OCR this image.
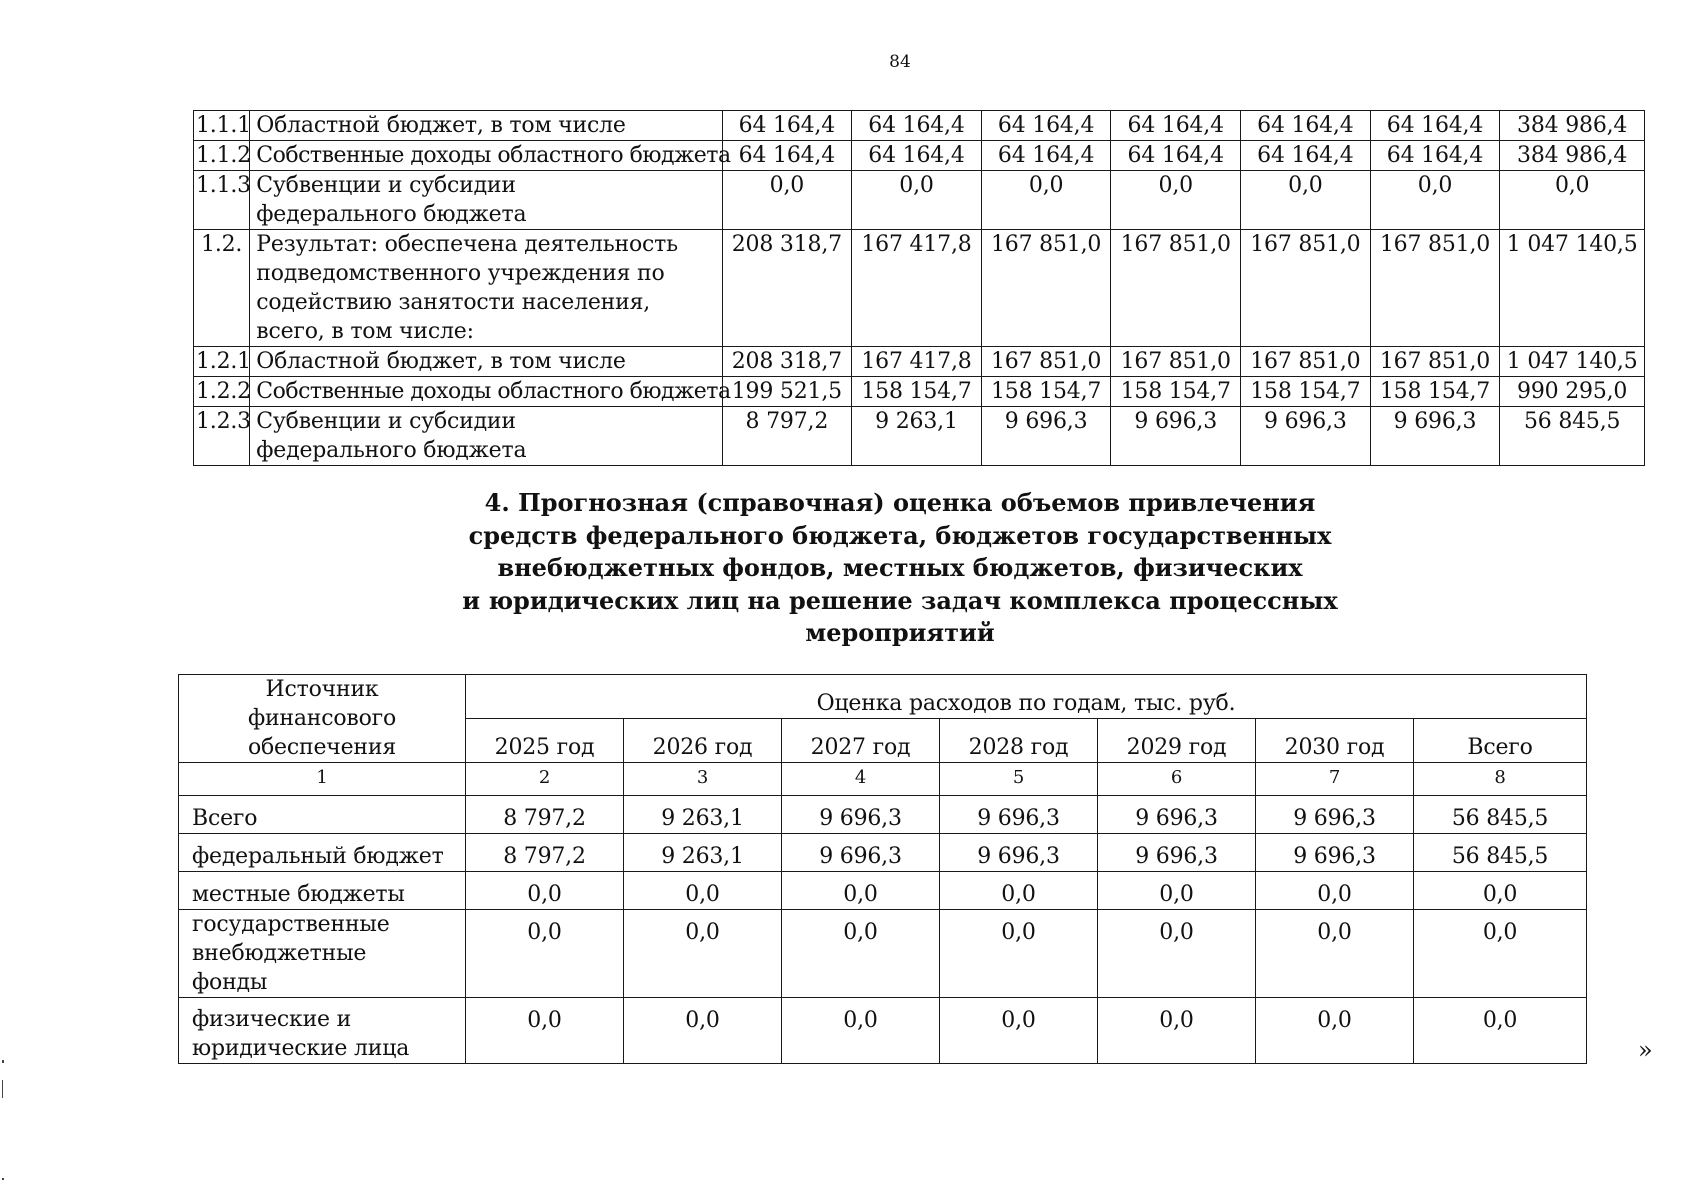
84
1.1.1	Областной бюджет, в том числе	64 164,4	64 164,4	64 164,4	64 164,4	64 164,4	64 164,4	384 986,4
1.1.2	Собственные доходы областного бюджета	64 164,4	64 164,4	64 164,4	64 164,4	64 164,4	64 164,4	384 986,4
1.1.3	Субвенции и субсидии федерального бюджета	0,0	0,0	0,0	0,0	0,0	0,0	0,0
1.2.	Результат: обеспечена деятельность подведомственного учреждения по содействию занятости населения, всего, в том числе:	208 318,7	167 417,8	167 851,0	167 851,0	167 851,0	167 851,0	1 047 140,5
1.2.1	Областной бюджет, в том числе	208 318,7	167 417,8	167 851,0	167 851,0	167 851,0	167 851,0	1 047 140,5
1.2.2	Собственные доходы областного бюджета	199 521,5	158 154,7	158 154,7	158 154,7	158 154,7	158 154,7	990 295,0
1.2.3	Субвенции и субсидии федерального бюджета	8 797,2	9 263,1	9 696,3	9 696,3	9 696,3	9 696,3	56 845,5
4. Прогнозная (справочная) оценка объемов привлечения
средств федерального бюджета, бюджетов государственных
внебюджетных фондов, местных бюджетов, физических
и юридических лиц на решение задач комплекса процессных
мероприятий
Источник финансового обеспечения	Оценка расходов по годам, тыс. руб.						
	2025 год	2026 год	2027 год	2028 год	2029 год	2030 год	Всего
1	2	3	4	5	6	7	8
Всего	8 797,2	9 263,1	9 696,3	9 696,3	9 696,3	9 696,3	56 845,5
федеральный бюджет	8 797,2	9 263,1	9 696,3	9 696,3	9 696,3	9 696,3	56 845,5
местные бюджеты	0,0	0,0	0,0	0,0	0,0	0,0	0,0
государственные внебюджетные фонды	0,0	0,0	0,0	0,0	0,0	0,0	0,0
физические и юридические лица	0,0	0,0	0,0	0,0	0,0	0,0	0,0
»
